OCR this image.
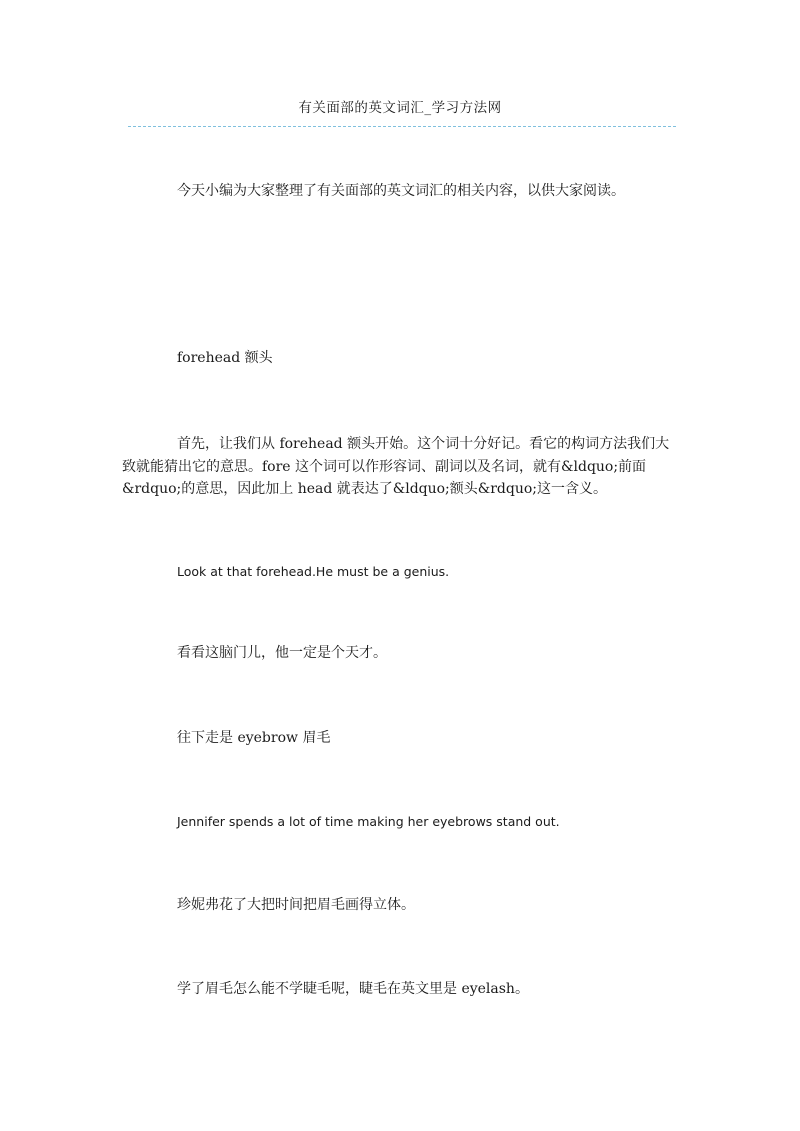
有关面部的英文词汇_学习方法网

今天小编为大家整理了有关面部的英文词汇的相关内容，以供大家阅读。

forehead 额头

首先，让我们从 forehead 额头开始。这个词十分好记。看它的构词方法我们大致就能猜出它的意思。fore 这个词可以作形容词、副词以及名词，就有&ldquo;前面&rdquo;的意思，因此加上 head 就表达了&ldquo;额头&rdquo;这一含义。

Look at that forehead.He must be a genius.

看看这脑门儿，他一定是个天才。

往下走是 eyebrow 眉毛

Jennifer spends a lot of time making her eyebrows stand out.

珍妮弗花了大把时间把眉毛画得立体。

学了眉毛怎么能不学睫毛呢，睫毛在英文里是 eyelash。
